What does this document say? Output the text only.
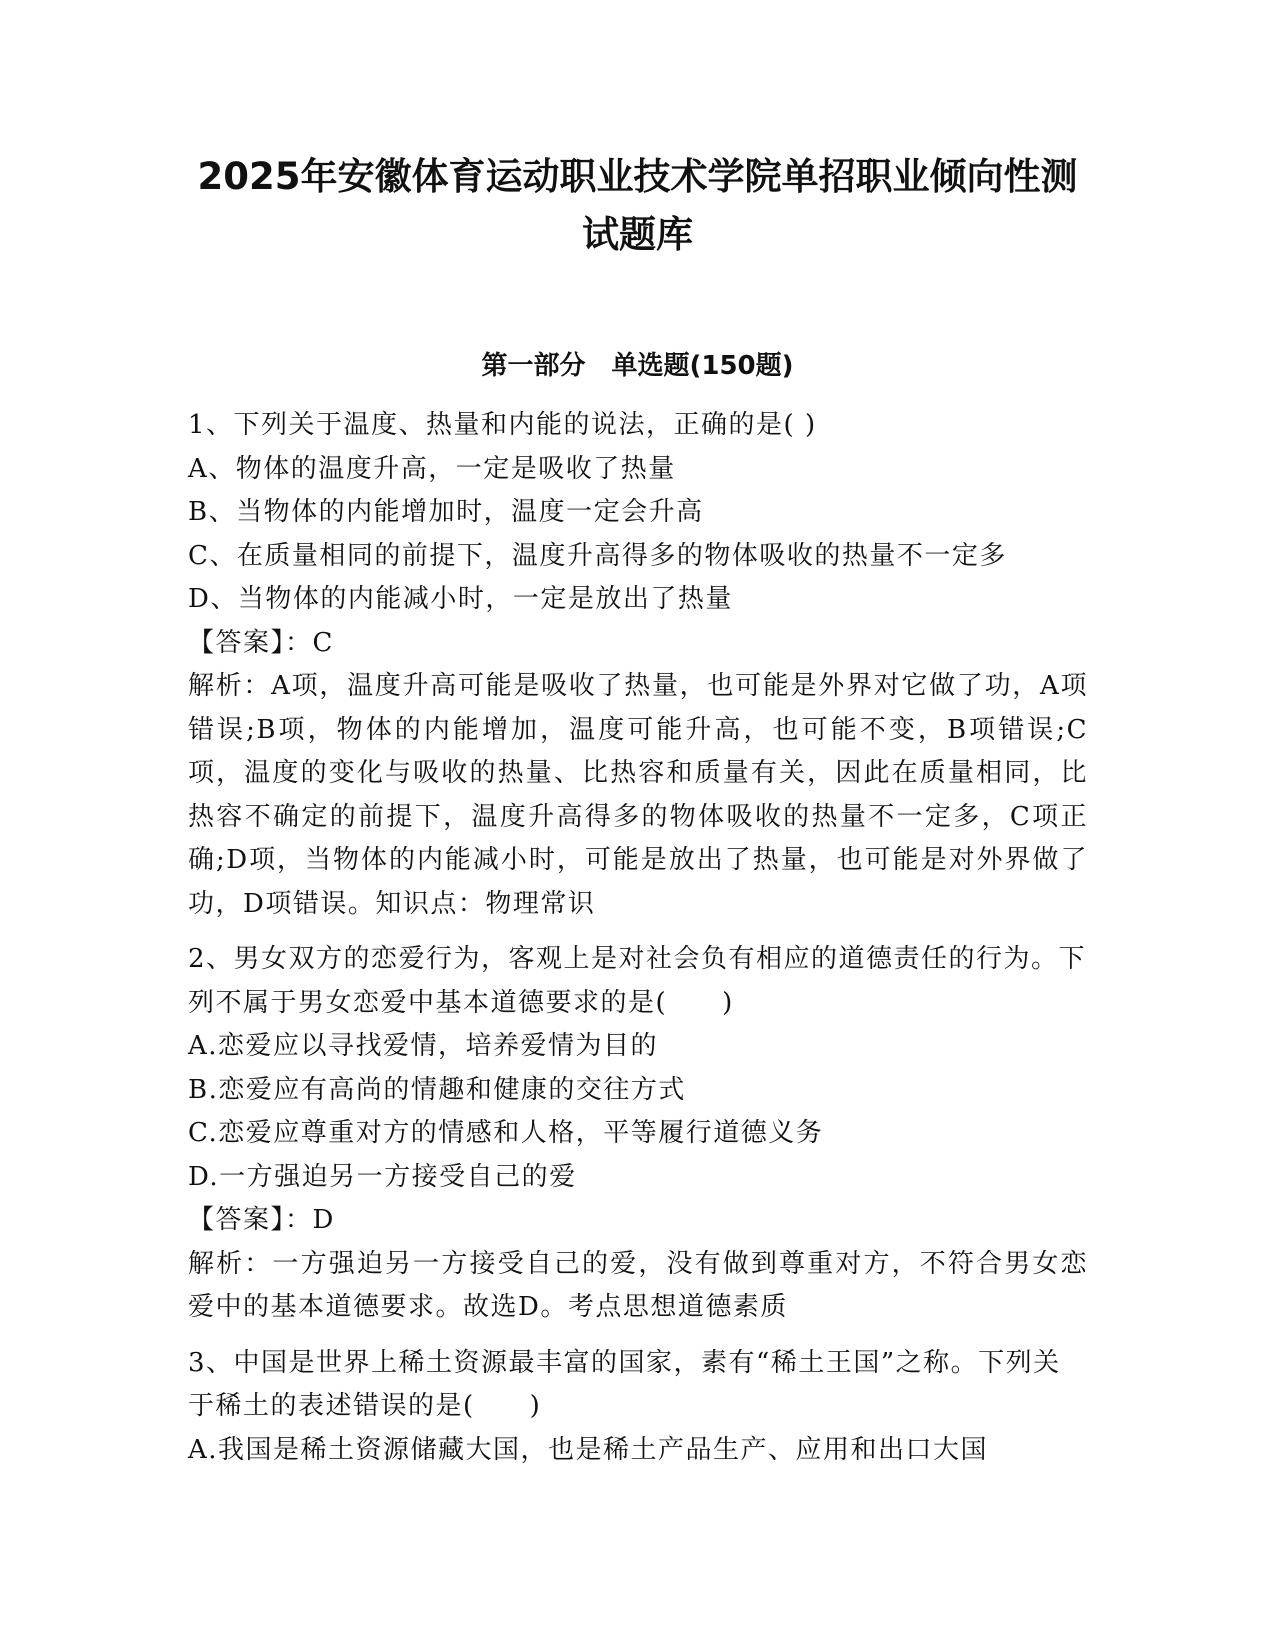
2025年安徽体育运动职业技术学院单招职业倾向性测
试题库
第一部分　单选题(150题)

1、下列关于温度、热量和内能的说法，正确的是( )

A、物体的温度升高，一定是吸收了热量

B、当物体的内能增加时，温度一定会升高

C、在质量相同的前提下，温度升高得多的物体吸收的热量不一定多

D、当物体的内能减小时，一定是放出了热量

【答案】：C

解析：A项，温度升高可能是吸收了热量，也可能是外界对它做了功，A项错误;B项，物体的内能增加，温度可能升高，也可能不变，B项错误;C项，温度的变化与吸收的热量、比热容和质量有关，因此在质量相同，比热容不确定的前提下，温度升高得多的物体吸收的热量不一定多，C项正确;D项，当物体的内能减小时，可能是放出了热量，也可能是对外界做了功，D项错误。知识点：物理常识

2、男女双方的恋爱行为，客观上是对社会负有相应的道德责任的行为。下列不属于男女恋爱中基本道德要求的是(　　)

A.恋爱应以寻找爱情，培养爱情为目的

B.恋爱应有高尚的情趣和健康的交往方式

C.恋爱应尊重对方的情感和人格，平等履行道德义务

D.一方强迫另一方接受自己的爱

【答案】：D

解析：一方强迫另一方接受自己的爱，没有做到尊重对方，不符合男女恋爱中的基本道德要求。故选D。考点思想道德素质

3、中国是世界上稀土资源最丰富的国家，素有“稀土王国”之称。下列关于稀土的表述错误的是(　　)

A.我国是稀土资源储藏大国，也是稀土产品生产、应用和出口大国
